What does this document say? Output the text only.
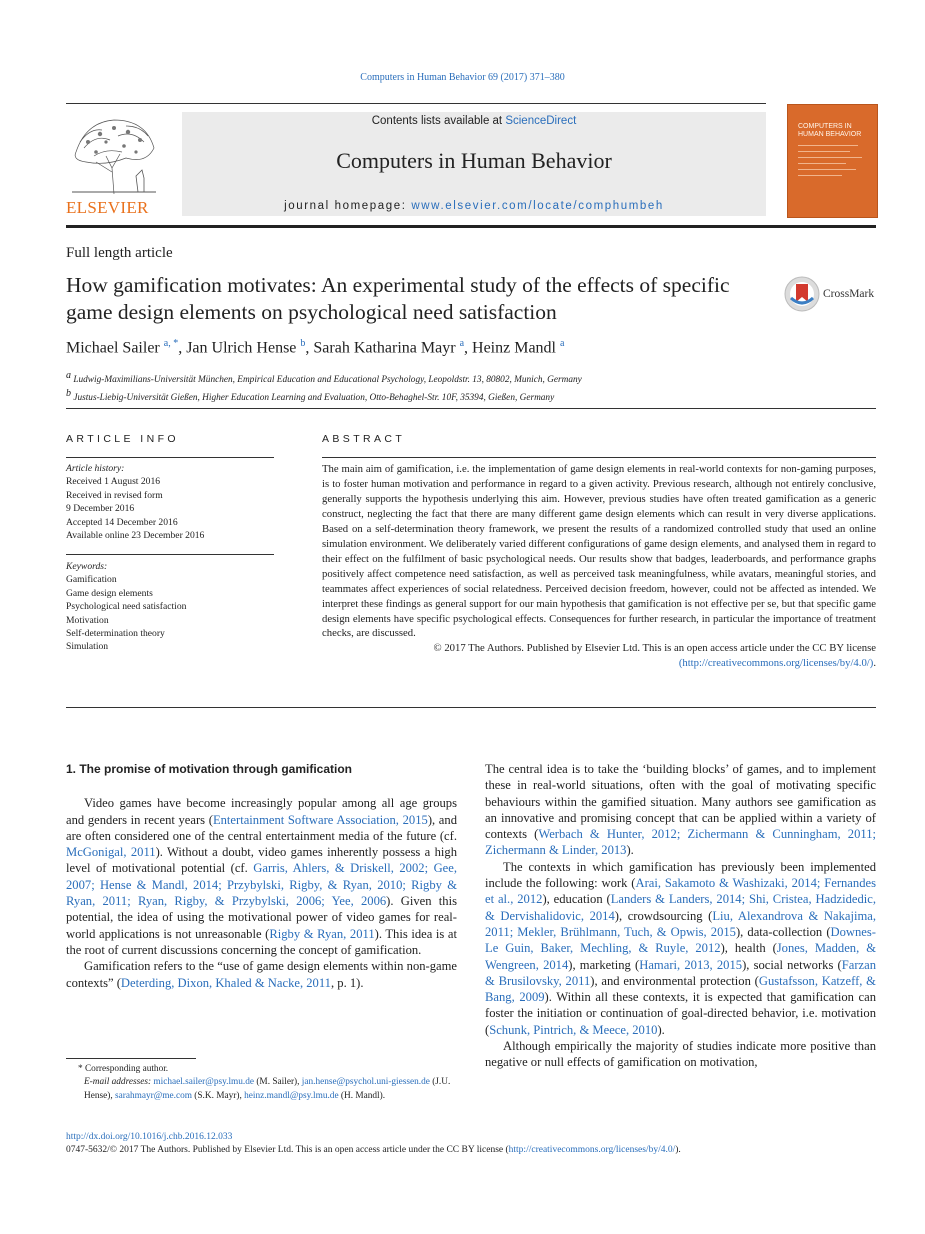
Computers in Human Behavior 69 (2017) 371–380
ELSEVIER
Contents lists available at ScienceDirect
Computers in Human Behavior
journal homepage: www.elsevier.com/locate/comphumbeh
COMPUTERS IN HUMAN BEHAVIOR
Full length article
How gamification motivates: An experimental study of the effects of specific game design elements on psychological need satisfaction
CrossMark
Michael Sailer $^{a, *}$, Jan Ulrich Hense $^b$, Sarah Katharina Mayr $^a$, Heinz Mandl $^a$
$^a$ Ludwig-Maximilians-Universität München, Empirical Education and Educational Psychology, Leopoldstr. 13, 80802, Munich, Germany
$^b$ Justus-Liebig-Universität Gießen, Higher Education Learning and Evaluation, Otto-Behaghel-Str. 10F, 35394, Gießen, Germany
ARTICLE INFO	ABSTRACT
Article history:
Received 1 August 2016
Received in revised form
9 December 2016
Accepted 14 December 2016
Available online 23 December 2016
Keywords:
Gamification
Game design elements
Psychological need satisfaction
Motivation
Self-determination theory
Simulation
The main aim of gamification, i.e. the implementation of game design elements in real-world contexts for non-gaming purposes, is to foster human motivation and performance in regard to a given activity. Previous research, although not entirely conclusive, generally supports the hypothesis underlying this aim. However, previous studies have often treated gamification as a generic construct, neglecting the fact that there are many different game design elements which can result in very diverse applications. Based on a self-determination theory framework, we present the results of a randomized controlled study that used an online simulation environment. We deliberately varied different configurations of game design elements, and analysed them in regard to their effect on the fulfilment of basic psychological needs. Our results show that badges, leaderboards, and performance graphs positively affect competence need satisfaction, as well as perceived task meaningfulness, while avatars, meaningful stories, and teammates affect experiences of social relatedness. Perceived decision freedom, however, could not be affected as intended. We interpret these findings as general support for our main hypothesis that gamification is not effective per se, but that specific game design elements have specific psychological effects. Consequences for further research, in particular the importance of treatment checks, are discussed.
© 2017 The Authors. Published by Elsevier Ltd. This is an open access article under the CC BY license
(http://creativecommons.org/licenses/by/4.0/).
1. The promise of motivation through gamification

Video games have become increasingly popular among all age groups and genders in recent years (Entertainment Software Association, 2015), and are often considered one of the central entertainment media of the future (cf. McGonigal, 2011). Without a doubt, video games inherently possess a high level of motivational potential (cf. Garris, Ahlers, & Driskell, 2002; Gee, 2007; Hense & Mandl, 2014; Przybylski, Rigby, & Ryan, 2010; Rigby & Ryan, 2011; Ryan, Rigby, & Przybylski, 2006; Yee, 2006). Given this potential, the idea of using the motivational power of video games for real-world applications is not unreasonable (Rigby & Ryan, 2011). This idea is at the root of current discussions concerning the concept of gamification.

Gamification refers to the “use of game design elements within non-game contexts” (Deterding, Dixon, Khaled & Nacke, 2011, p. 1).

The central idea is to take the ‘building blocks’ of games, and to implement these in real-world situations, often with the goal of motivating specific behaviours within the gamified situation. Many authors see gamification as an innovative and promising concept that can be applied within a variety of contexts (Werbach & Hunter, 2012; Zichermann & Cunningham, 2011; Zichermann & Linder, 2013).

The contexts in which gamification has previously been implemented include the following: work (Arai, Sakamoto & Washizaki, 2014; Fernandes et al., 2012), education (Landers & Landers, 2014; Shi, Cristea, Hadzidedic, & Dervishalidovic, 2014), crowdsourcing (Liu, Alexandrova & Nakajima, 2011; Mekler, Brühlmann, Tuch, & Opwis, 2015), data-collection (Downes-Le Guin, Baker, Mechling, & Ruyle, 2012), health (Jones, Madden, & Wengreen, 2014), marketing (Hamari, 2013, 2015), social networks (Farzan & Brusilovsky, 2011), and environmental protection (Gustafsson, Katzeff, & Bang, 2009). Within all these contexts, it is expected that gamification can foster the initiation or continuation of goal-directed behavior, i.e. motivation (Schunk, Pintrich, & Meece, 2010).

Although empirically the majority of studies indicate more positive than negative or null effects of gamification on motivation,

* Corresponding author.
E-mail addresses: michael.sailer@psy.lmu.de (M. Sailer), jan.hense@psychol.uni-giessen.de (J.U. Hense), sarahmayr@me.com (S.K. Mayr), heinz.mandl@psy.lmu.de (H. Mandl).
http://dx.doi.org/10.1016/j.chb.2016.12.033
0747-5632/© 2017 The Authors. Published by Elsevier Ltd. This is an open access article under the CC BY license (http://creativecommons.org/licenses/by/4.0/).
